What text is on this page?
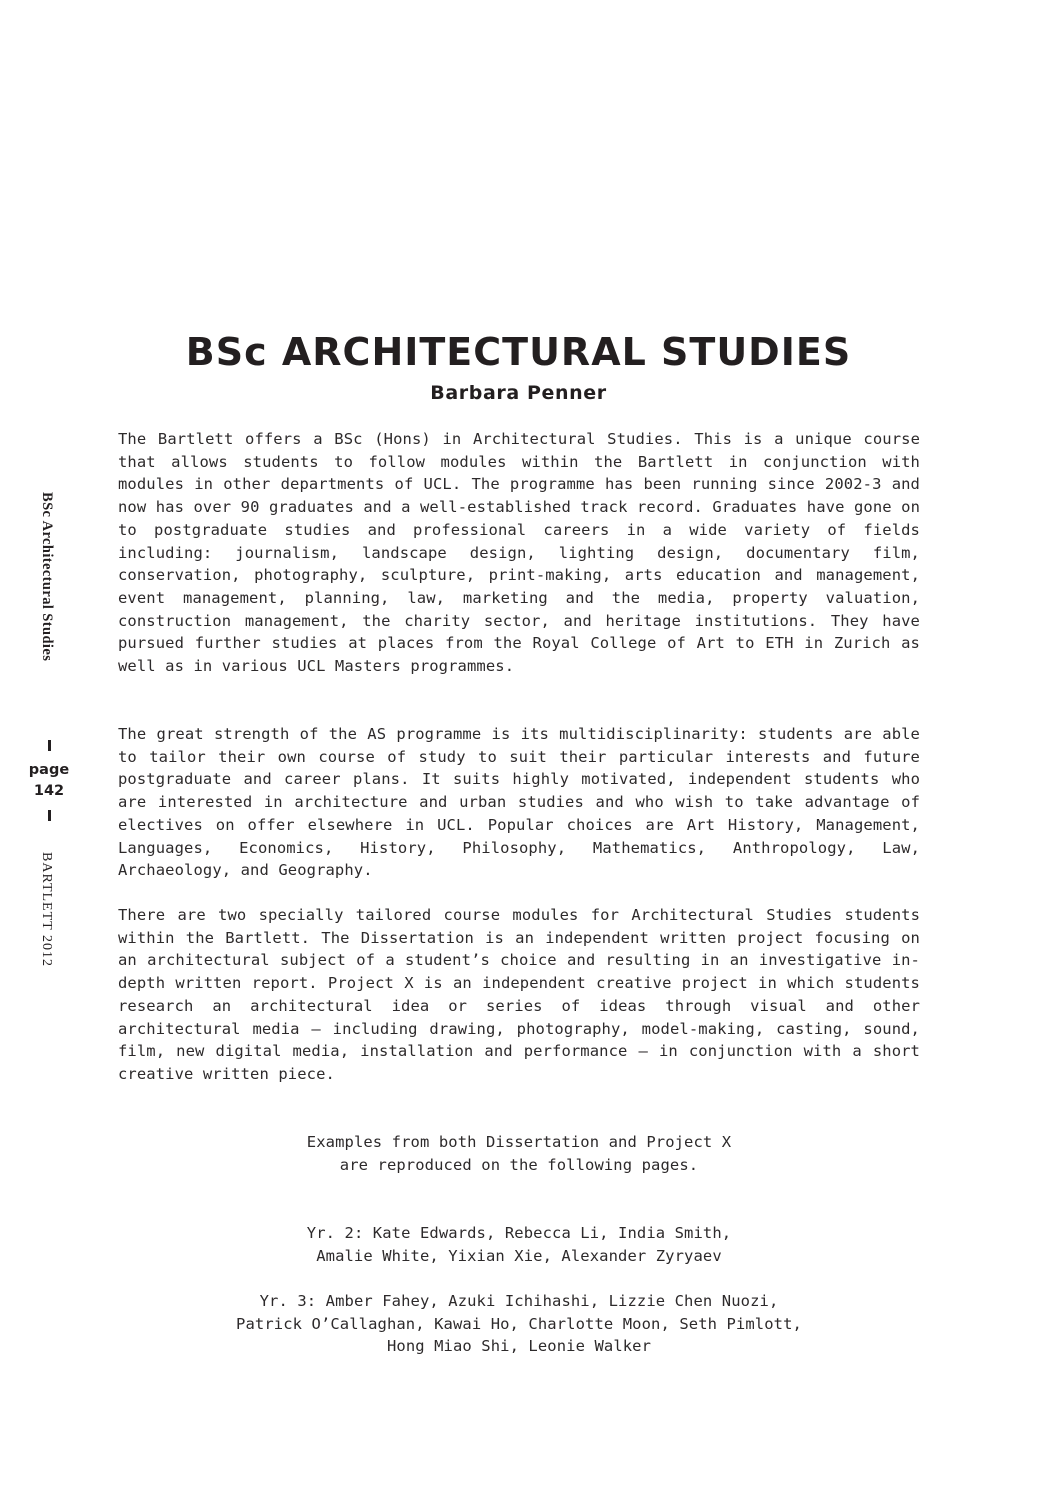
BSc ARCHITECTURAL STUDIES
Barbara Penner

The Bartlett offers a BSc (Hons) in Architectural Studies. This is a unique course that allows students to follow modules within the Bartlett in conjunction with modules in other departments of UCL. The programme has been running since 2002-3 and now has over 90 graduates and a well-established track record. Graduates have gone on to postgraduate studies and professional careers in a wide variety of fields including: journalism, landscape design, lighting design, documentary film, conservation, photography, sculpture, print-making, arts education and management, event management, planning, law, marketing and the media, property valuation, construction management, the charity sector, and heritage institutions. They have pursued further studies at places from the Royal College of Art to ETH in Zurich as well as in various UCL Masters programmes.

The great strength of the AS programme is its multidisciplinarity: students are able to tailor their own course of study to suit their particular interests and future postgraduate and career plans. It suits highly motivated, independent students who are interested in architecture and urban studies and who wish to take advantage of electives on offer elsewhere in UCL. Popular choices are Art History, Management, Languages, Economics, History, Philosophy, Mathematics, Anthropology, Law, Archaeology, and Geography.

There are two specially tailored course modules for Architectural Studies students within the Bartlett. The Dissertation is an independent written project focusing on an architectural subject of a student’s choice and resulting in an investigative in-depth written report. Project X is an independent creative project in which students research an architectural idea or series of ideas through visual and other architectural media – including drawing, photography, model-making, casting, sound, film, new digital media, installation and performance – in conjunction with a short creative written piece.

Examples from both Dissertation and Project X
are reproduced on the following pages.
Yr. 2: Kate Edwards, Rebecca Li, India Smith,
Amalie White, Yixian Xie, Alexander Zyryaev
Yr. 3: Amber Fahey, Azuki Ichihashi, Lizzie Chen Nuozi,
Patrick O’Callaghan, Kawai Ho, Charlotte Moon, Seth Pimlott,
Hong Miao Shi, Leonie Walker
BSc Architectural Studies
page
142
BARTLETT 2012
